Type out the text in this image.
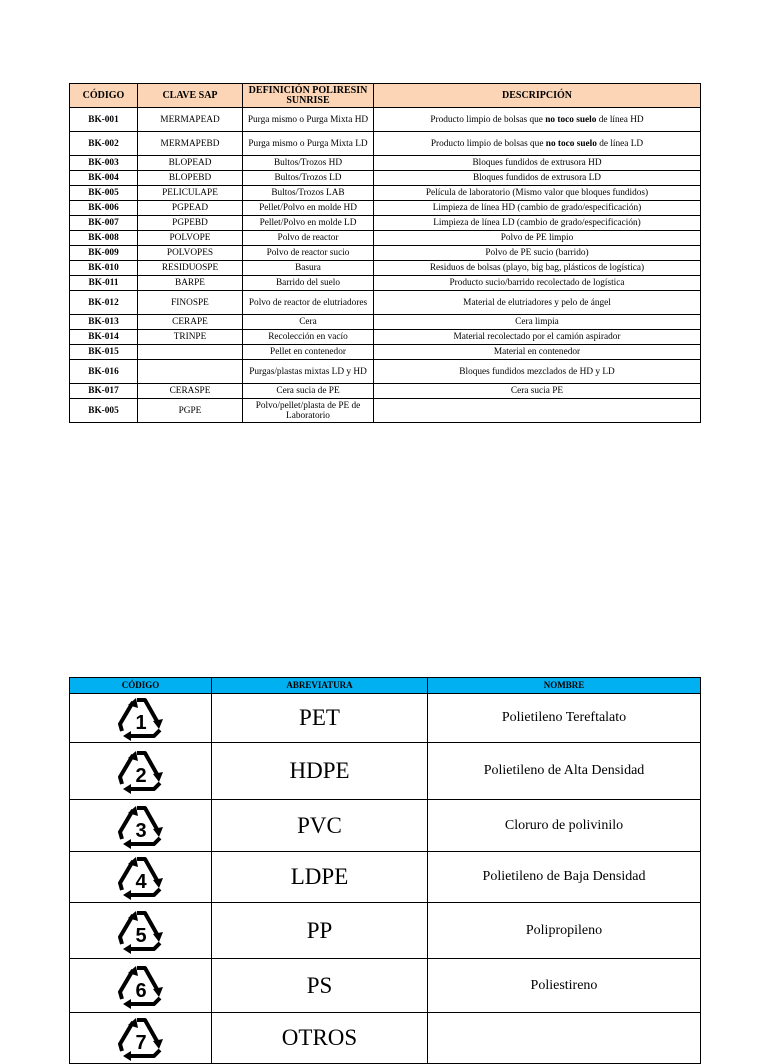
CÓDIGO	CLAVE SAP	DEFINICIÓN POLIRESIN SUNRISE	DESCRIPCIÓN
BK-001	MERMAPEAD	Purga mismo o Purga Mixta HD	Producto limpio de bolsas que no toco suelo de línea HD
BK-002	MERMAPEBD	Purga mismo o Purga Mixta LD	Producto limpio de bolsas que no toco suelo de línea LD
BK-003	BLOPEAD	Bultos/Trozos HD	Bloques fundidos de extrusora HD
BK-004	BLOPEBD	Bultos/Trozos LD	Bloques fundidos de extrusora LD
BK-005	PELICULAPE	Bultos/Trozos LAB	Película de laboratorio (Mismo valor que bloques fundidos)
BK-006	PGPEAD	Pellet/Polvo en molde HD	Limpieza de línea HD (cambio de grado/especificación)
BK-007	PGPEBD	Pellet/Polvo en molde LD	Limpieza de línea LD (cambio de grado/especificación)
BK-008	POLVOPE	Polvo de reactor	Polvo de PE limpio
BK-009	POLVOPES	Polvo de reactor sucio	Polvo de PE sucio (barrido)
BK-010	RESIDUOSPE	Basura	Residuos de bolsas (playo, big bag, plásticos de logística)
BK-011	BARPE	Barrido del suelo	Producto sucio/barrido recolectado de logística
BK-012	FINOSPE	Polvo de reactor de elutriadores	Material de elutriadores y pelo de ángel
BK-013	CERAPE	Cera	Cera limpia
BK-014	TRINPE	Recolección en vacío	Material recolectado por el camión aspirador
BK-015		Pellet en contenedor	Material en contenedor
BK-016		Purgas/plastas mixtas LD y HD	Bloques fundidos mezclados de HD y LD
BK-017	CERASPE	Cera sucia de PE	Cera sucia PE
BK-005	PGPE	Polvo/pellet/plasta de PE de Laboratorio	
CÓDIGO	ABREVIATURA	NOMBRE

1	PET	Polietileno Tereftalato

2	HDPE	Polietileno de Alta Densidad

3	PVC	Cloruro de polivinilo

4	LDPE	Polietileno de Baja Densidad

5	PP	Polipropileno

6	PS	Poliestireno

7	OTROS	
